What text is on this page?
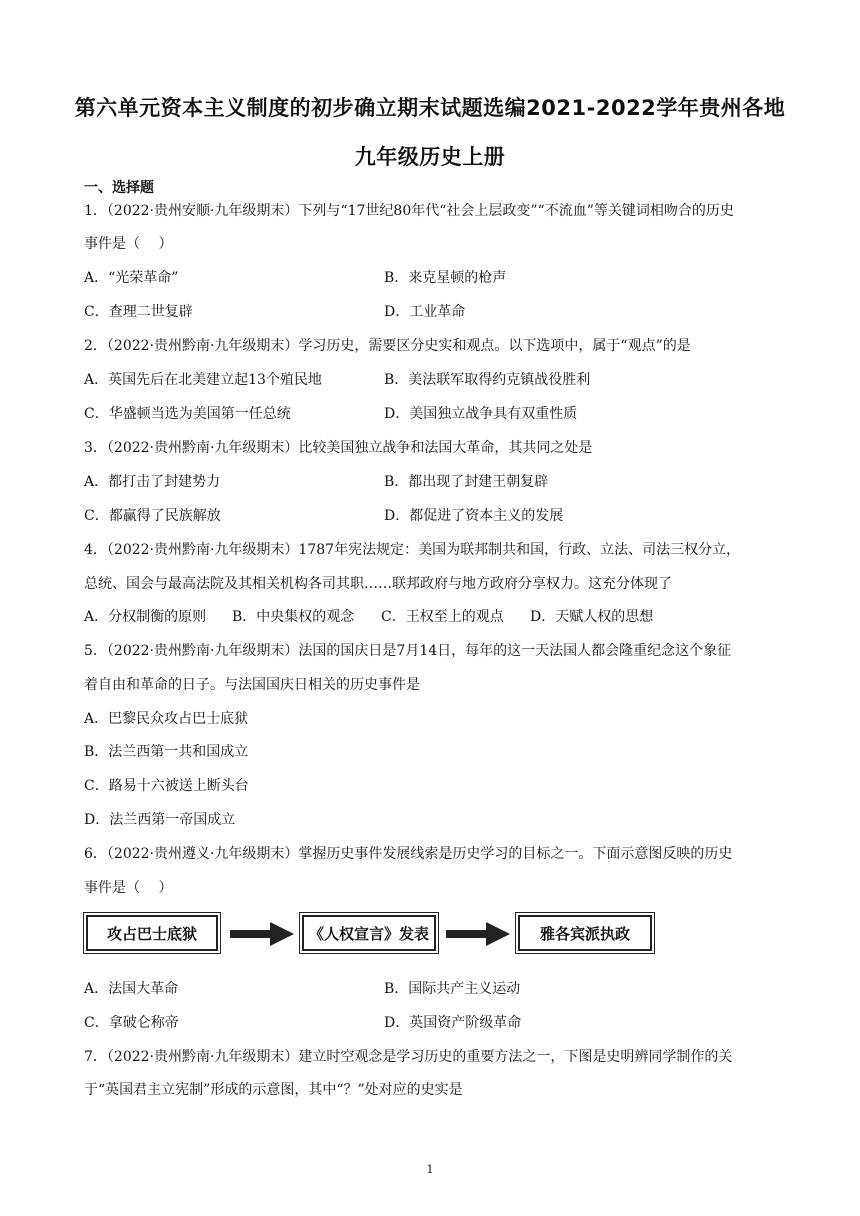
第六单元资本主义制度的初步确立期末试题选编2021-2022学年贵州各地
九年级历史上册
一、选择题
1．（2022·贵州安顺·九年级期末）下列与“17世纪80年代“社会上层政变”“不流血”等关键词相吻合的历史
事件是（　 ）
A．“光荣革命”	B．来克星顿的枪声
C．查理二世复辟	D．工业革命
2．（2022·贵州黔南·九年级期末）学习历史，需要区分史实和观点。以下选项中，属于“观点”的是
A．英国先后在北美建立起13个殖民地	B．美法联军取得约克镇战役胜利
C．华盛顿当选为美国第一任总统	D．美国独立战争具有双重性质
3．（2022·贵州黔南·九年级期末）比较美国独立战争和法国大革命，其共同之处是
A．都打击了封建势力	B．都出现了封建王朝复辟
C．都赢得了民族解放	D．都促进了资本主义的发展
4．（2022·贵州黔南·九年级期末）1787年宪法规定：美国为联邦制共和国，行政、立法、司法三权分立，
总统、国会与最高法院及其相关机构各司其职……联邦政府与地方政府分享权力。这充分体现了
A．分权制衡的原则 B．中央集权的观念 C．王权至上的观点 D．天赋人权的思想
5．（2022·贵州黔南·九年级期末）法国的国庆日是7月14日，每年的这一天法国人都会隆重纪念这个象征
着自由和革命的日子。与法国国庆日相关的历史事件是
A．巴黎民众攻占巴士底狱
B．法兰西第一共和国成立
C．路易十六被送上断头台
D．法兰西第一帝国成立
6．（2022·贵州遵义·九年级期末）掌握历史事件发展线索是历史学习的目标之一。下面示意图反映的历史
事件是（　 ）
攻占巴士底狱	《人权宣言》发表	雅各宾派执政
A．法国大革命	B．国际共产主义运动
C．拿破仑称帝	D．英国资产阶级革命
7．（2022·贵州黔南·九年级期末）建立时空观念是学习历史的重要方法之一，下图是史明辨同学制作的关
于“英国君主立宪制”形成的示意图，其中“？”处对应的史实是
1
